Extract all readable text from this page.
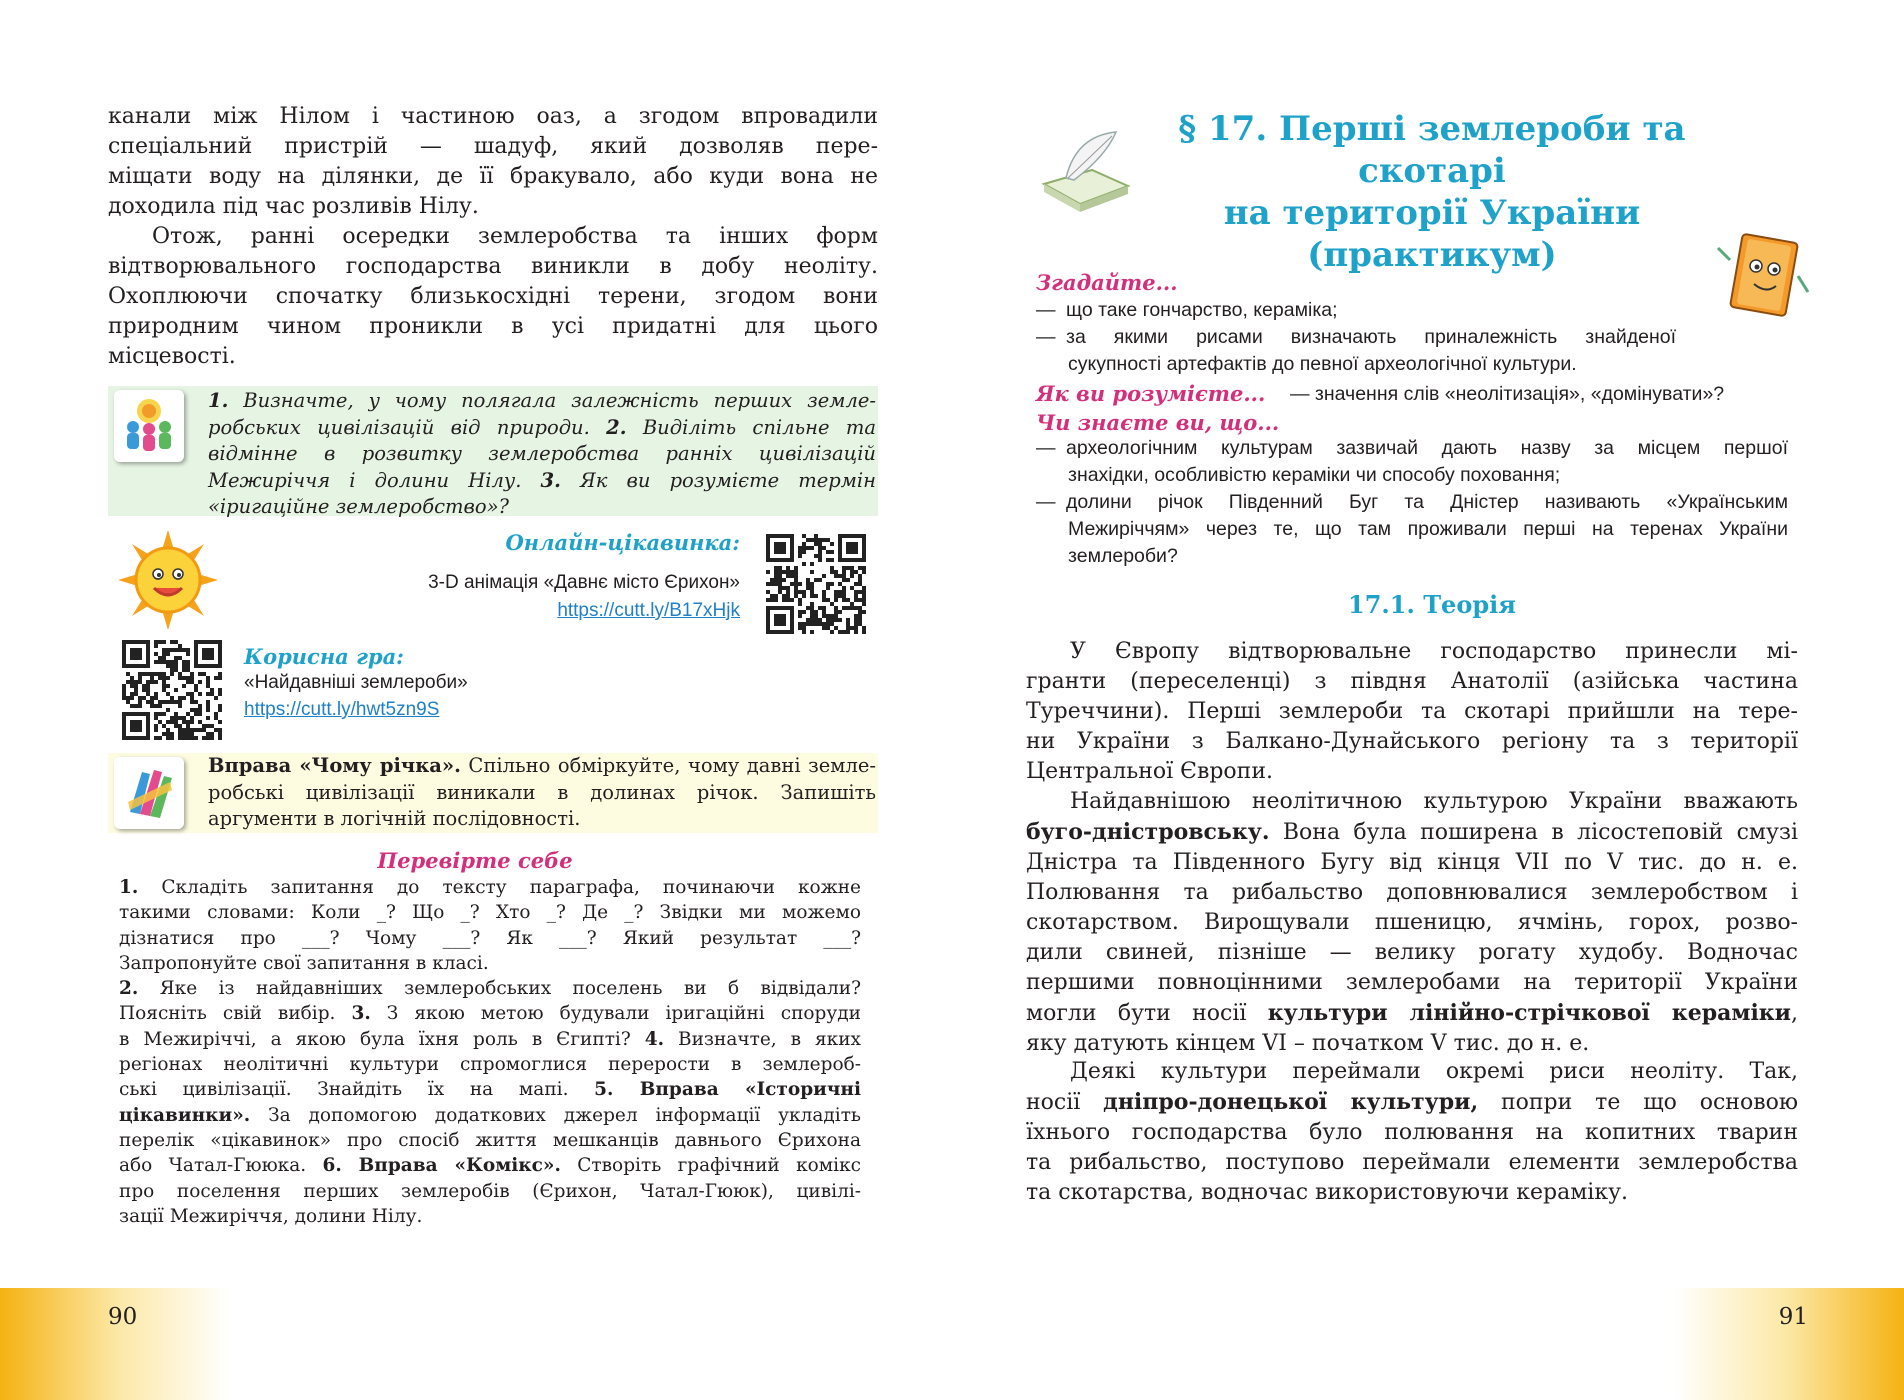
канали між Нілом і частиною оаз, а згодом впровадили
спеціальний пристрій — шадуф, який дозволяв пере-
міщати воду на ділянки, де її бракувало, або куди вона не
доходила під час розливів Нілу.
Отож, ранні осередки землеробства та інших форм
відтворювального господарства виникли в добу неоліту.
Охоплюючи спочатку близькосхідні терени, згодом вони
природним чином проникли в усі придатні для цього
місцевості.
1. Визначте, у чому полягала залежність перших земле-
робських цивілізацій від природи. 2. Виділіть спільне та
відмінне в розвитку землеробства ранніх цивілізацій
Межиріччя і долини Нілу. 3. Як ви розумієте термін
«іригаційне землеробство»?

Онлайн-цікавинка:

3-D анімація «Давнє місто Єрихон»

https://cutt.ly/B17xHjk

Корисна гра:

«Найдавніші землероби»

https://cutt.ly/hwt5zn9S

Вправа «Чому річка». Спільно обміркуйте, чому давні земле-
робські цивілізації виникали в долинах річок. Запишіть
аргументи в логічній послідовності.

Перевірте себе

1. Складіть запитання до тексту параграфа, починаючи кожне
такими словами: Коли _? Що _? Хто _? Де _? Звідки ми можемо
дізнатися про ___? Чому ___? Як ___? Який результат ___?
Запропонуйте свої запитання в класі.
2. Яке із найдавніших землеробських поселень ви б відвідали?
Поясніть свій вибір. 3. З якою метою будували іригаційні споруди
в Межиріччі, а якою була їхня роль в Єгипті? 4. Визначте, в яких
регіонах неолітичні культури спромоглися перерости в землероб-
ські цивілізації. Знайдіть їх на мапі. 5. Вправа «Історичні
цікавинки». За допомогою додаткових джерел інформації укладіть
перелік «цікавинок» про спосіб життя мешканців давнього Єрихона
або Чатал-Гююка. 6. Вправа «Комікс». Створіть графічний комікс
про поселення перших землеробів (Єрихон, Чатал-Гююк), цивілі-
зації Межиріччя, долини Нілу.
90
§ 17. Перші землероби та скотарі
на території України
(практикум)

Згадайте...

— що таке гончарство, кераміка;
— за якими рисами визначають приналежність знайденої
сукупності артефактів до певної археологічної культури.

Як ви розумієте... — значення слів «неолітизація», «домінувати»?

Чи знаєте ви, що...

— археологічним культурам зазвичай дають назву за місцем першої
знахідки, особливістю кераміки чи способу поховання;
— долини річок Південний Буг та Дністер називають «Українським
Межиріччям» через те, що там проживали перші на теренах України
землероби?

17.1. Теорія

У Європу відтворювальне господарство принесли мі-
гранти (переселенці) з півдня Анатолії (азійська частина
Туреччини). Перші землероби та скотарі прийшли на тере-
ни України з Балкано-Дунайського регіону та з території
Центральної Європи.
Найдавнішою неолітичною культурою України вважають
буго-дністровську. Вона була поширена в лісостеповій смузі
Дністра та Південного Бугу від кінця VII по V тис. до н. е.
Полювання та рибальство доповнювалися землеробством і
скотарством. Вирощували пшеницю, ячмінь, горох, розво-
дили свиней, пізніше — велику рогату худобу. Водночас
першими повноцінними землеробами на території України
могли бути носії культури лінійно-стрічкової кераміки,
яку датують кінцем VI – початком V тис. до н. е.
Деякі культури переймали окремі риси неоліту. Так,
носії дніпро-донецької культури, попри те що основою
їхнього господарства було полювання на копитних тварин
та рибальство, поступово переймали елементи землеробства
та скотарства, водночас використовуючи кераміку.
91
